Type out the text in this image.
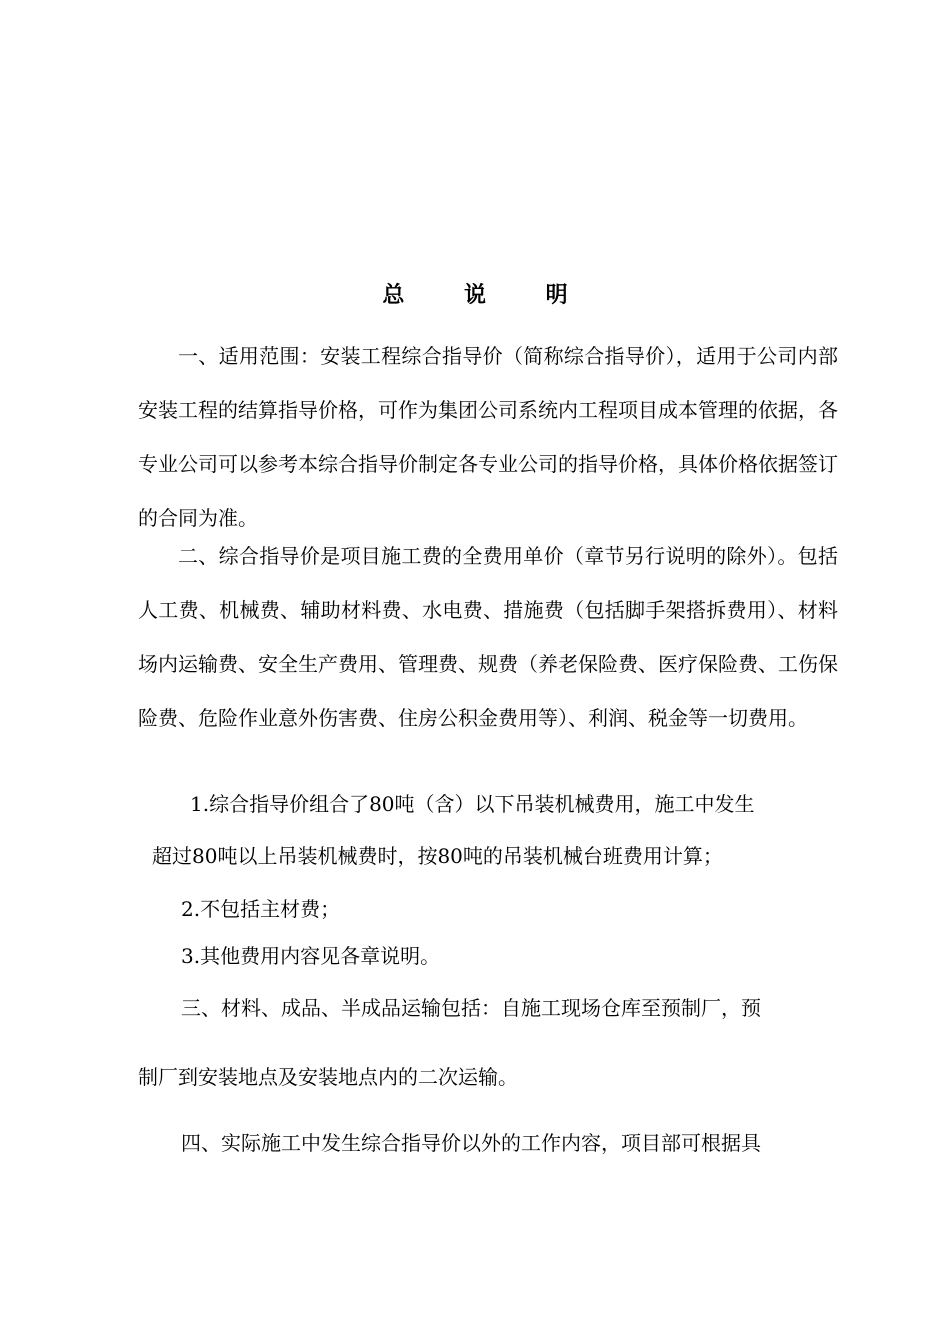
总 说 明

一、适用范围：安装工程综合指导价（简称综合指导价），适用于公司内部安装工程的结算指导价格，可作为集团公司系统内工程项目成本管理的依据，各专业公司可以参考本综合指导价制定各专业公司的指导价格，具体价格依据签订的合同为准。

二、综合指导价是项目施工费的全费用单价（章节另行说明的除外）。包括人工费、机械费、辅助材料费、水电费、措施费（包括脚手架搭拆费用）、材料场内运输费、安全生产费用、管理费、规费（养老保险费、医疗保险费、工伤保险费、危险作业意外伤害费、住房公积金费用等）、利润、税金等一切费用。

1.综合指导价组合了80吨（含）以下吊装机械费用，施工中发生
超过80吨以上吊装机械费时，按80吨的吊装机械台班费用计算；
2.不包括主材费；
3.其他费用内容见各章说明。
三、材料、成品、半成品运输包括：自施工现场仓库至预制厂，预
制厂到安装地点及安装地点内的二次运输。
四、实际施工中发生综合指导价以外的工作内容，项目部可根据具
